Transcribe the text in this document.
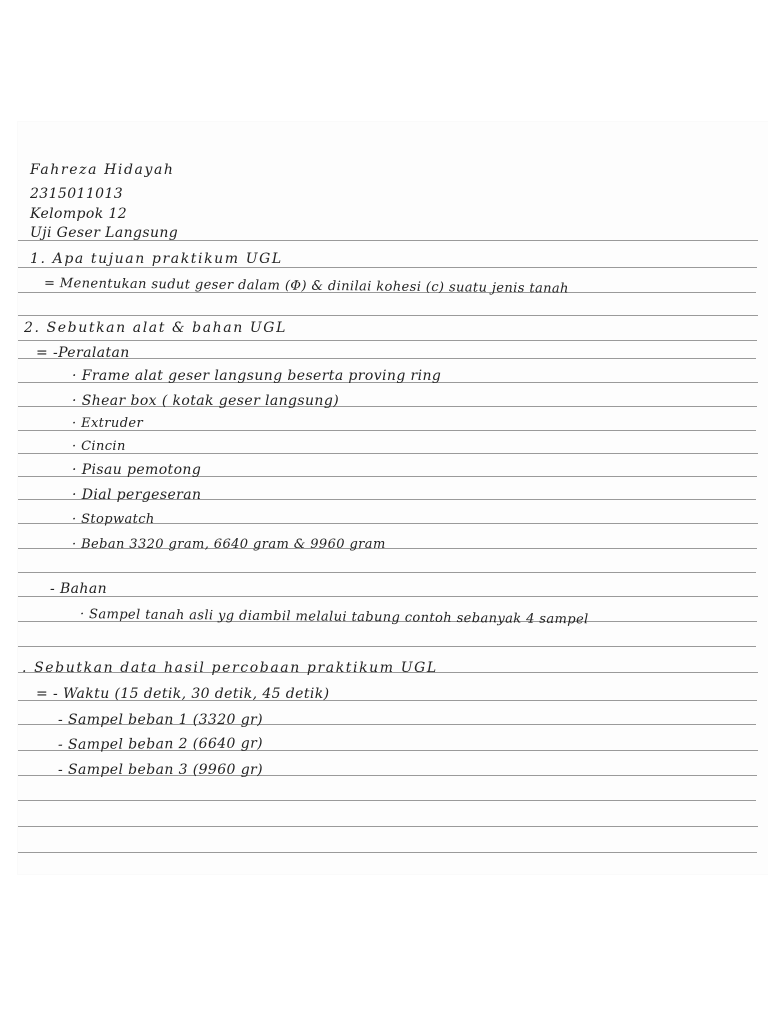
Fahreza Hidayah
2315011013
Kelompok 12
Uji Geser Langsung
1. Apa tujuan praktikum UGL
= Menentukan sudut geser dalam (Φ) & dinilai kohesi (c) suatu jenis tanah
2. Sebutkan alat & bahan UGL
= -Peralatan
· Frame alat geser langsung beserta proving ring
· Shear box ( kotak geser langsung)
· Extruder
· Cincin
· Pisau pemotong
· Dial pergeseran
· Stopwatch
· Beban 3320 gram, 6640 gram & 9960 gram
- Bahan
· Sampel tanah asli yg diambil melalui tabung contoh sebanyak 4 sampel
. Sebutkan data hasil percobaan praktikum UGL
= - Waktu (15 detik, 30 detik, 45 detik)
- Sampel beban 1 (3320 gr)
- Sampel beban 2 (6640 gr)
- Sampel beban 3 (9960 gr)
